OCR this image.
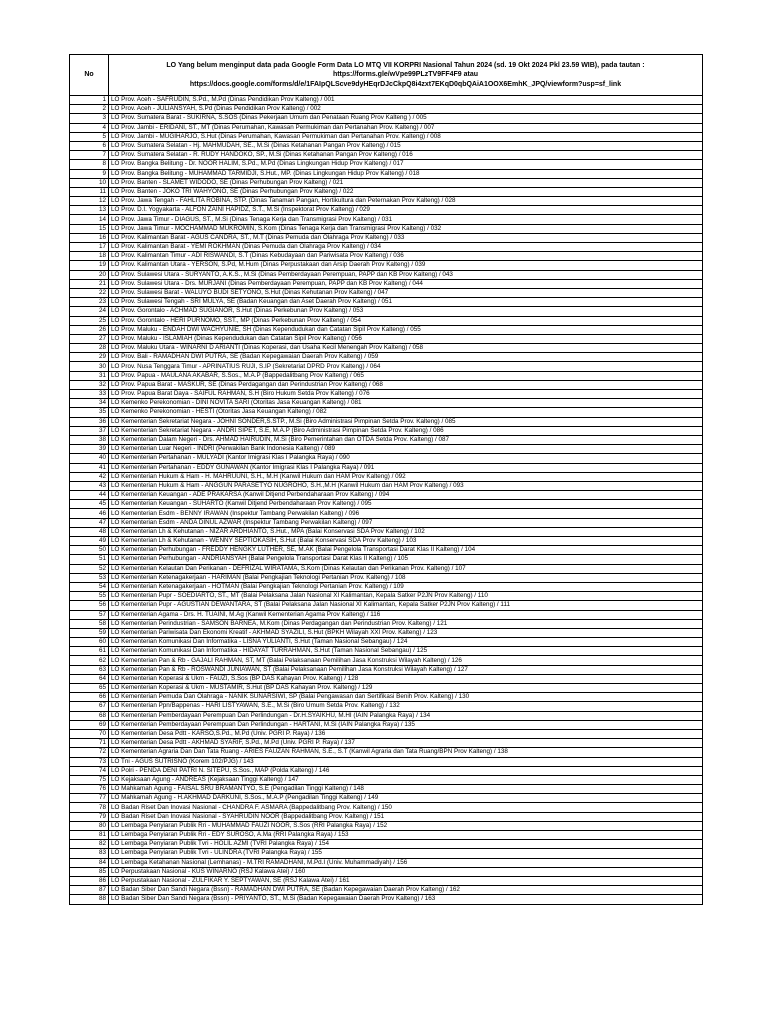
No	LO Yang belum menginput data pada Google Form Data LO MTQ VII KORPRI Nasional Tahun 2024 (sd. 19 Okt 2024 Pkl 23.59 WIB), pada tautan :
https://forms.gle/wVpe99PLzTV9FF4F9 atau
https://docs.google.com/forms/d/e/1FAIpQLScve9dyHEqrDJcCkpQ8i4zxt7EKqD0qbQAiA1OOX6EmhK_JPQ/viewform?usp=sf_link

1	LO Prov. Aceh - SAFRUDIN, S.Pd., M.Pd (Dinas Pendidikan Prov Kalteng) / 001
2	LO Prov. Aceh - JULIANSYAH, S.Pd (Dinas Pendidikan Prov Kalteng) / 002
3	LO Prov. Sumatera Barat - SUKIRNA, S.SOS (Dinas Pekerjaan Umum dan Penataan Ruang Prov Kalteng ) / 005
4	LO Prov. Jambi - ERIDANI, ST., MT (Dinas Perumahan, Kawasan Permukiman dan Pertanahan Prov. Kalteng) / 007
5	LO Prov. Jambi - MUGIHARJO, S.Hut (Dinas Perumahan, Kawasan Permukiman dan Pertanahan Prov. Kalteng) / 008
6	LO Prov. Sumatera Selatan - Hj. MAHMUDAH, SE., M.Si (Dinas Ketahanan Pangan Prov Kalteng) / 015
7	LO Prov. Sumatera Selatan - R. RUDY HANDOKO, SP., M.Si (Dinas Ketahanan Pangan Prov Kalteng) / 016
8	LO Prov. Bangka Belitung - Dr. NOOR HALIM, S.Pd., M.Pd (Dinas Lingkungan Hidup Prov Kalteng) / 017
9	LO Prov. Bangka Belitung - MUHAMMAD TARMIDJI, S.Hut., MP. (Dinas Lingkungan Hidup Prov Kalteng) / 018
10	LO Prov. Banten - SLAMET WIDODO, SE (Dinas Perhubungan Prov Kalteng) / 021
11	LO Prov. Banten - JOKO TRI WAHYONO, SE (Dinas Perhubungan Prov Kalteng) / 022
12	LO Prov. Jawa Tengah - FAHLITA ROBINA, STP. (Dinas Tanaman Pangan, Hortikultura dan Peternakan Prov Kalteng) / 028
13	LO Prov. D.I. Yogyakarta - ALFON ZAINI HAPIDZ, S.T., M.Si (Inspektorat Prov Kalteng) / 029
14	LO Prov. Jawa Timur - DIAGUS, ST., M.Si (Dinas Tenaga Kerja dan Transmigrasi Prov Kalteng) / 031
15	LO Prov. Jawa Timur - MOCHAMMAD MUKROMIN, S.Kom (Dinas Tenaga Kerja dan Transmigrasi Prov Kalteng) / 032
16	LO Prov. Kalimantan Barat - AGUS CANDRA, ST., M.T (Dinas Pemuda dan Olahraga Prov Kalteng) / 033
17	LO Prov. Kalimantan Barat - YEMI ROKHMAN (Dinas Pemuda dan Olahraga Prov Kalteng) / 034
18	LO Prov. Kalimantan Timur - ADI RISWANDI, S.T (Dinas Kebudayaan dan Pariwisata Prov Kalteng) / 036
19	LO Prov. Kalimantan Utara - YERSON, S.Pd, M.Hum (Dinas Perpustakaan dan Arsip Daerah Prov Kalteng) / 039
20	LO Prov. Sulawesi Utara - SURYANTO, A.K.S., M.Si (Dinas Pemberdayaan Perempuan, PAPP dan KB Prov Kalteng) / 043
21	LO Prov. Sulawesi Utara - Drs. MURJANI (Dinas Pemberdayaan Perempuan, PAPP dan KB Prov Kalteng) / 044
22	LO Prov. Sulawesi Barat - WALUYO BUDI SETYONO, S.Hut (Dinas Kehutanan Prov Kalteng) / 047
23	LO Prov. Sulawesi Tengah - SRI MULYA, SE (Badan Keuangan dan Aset Daerah Prov Kalteng) / 051
24	LO Prov. Gorontalo - ACHMAD SUGIANOR, S.Hut (Dinas Perkebunan Prov Kalteng) / 053
25	LO Prov. Gorontalo - HERI PURNOMO, SST., MP (Dinas Perkebunan Prov Kalteng) / 054
26	LO Prov. Maluku - ENDAH DWI WACHYUNIE, SH (Dinas Kependudukan dan Catatan Sipil Prov Kalteng) / 055
27	LO Prov. Maluku - ISLAMIAH (Dinas Kependudukan dan Catatan Sipil Prov Kalteng) / 056
28	LO Prov. Maluku Utara - WINARNI D ARIANTI (Dinas Koperasi, dan Usaha Kecil Menengah Prov Kalteng) / 058
29	LO Prov. Bali - RAMADHAN DWI PUTRA, SE (Badan Kepegawaian Daerah Prov Kalteng) / 059
30	LO Prov. Nusa Tenggara Timur - APRINATIUS RUJI, S.IP (Sekretariat DPRD Prov Kalteng) / 064
31	LO Prov. Papua - MAULANA AKABAR, S.Sos., M.A.P (Bappedalitbang Prov Kalteng) / 065
32	LO Prov. Papua Barat - MASKUR, SE (Dinas Perdagangan dan Perindustrian Prov Kalteng) / 068
33	LO Prov. Papua Barat Daya - SAIFUL RAHMAN, S.H (Biro Hukum Setda Prov Kalteng) / 076
34	LO Kemenko Perekonomian - DINI NOVITA SARI (Otoritas Jasa Keuangan Kalteng) / 081
35	LO Kemenko Perekonomian - HESTI (Otoritas Jasa Keuangan Kalteng) / 082
36	LO Kementerian Sekretariat Negara - JOHNI SONDER,S.STP., M.Si (Biro Administrasi Pimpinan Setda Prov. Kalteng) / 085
37	LO Kementerian Sekretariat Negara - ANDRI SIPET, S.E, M.A.P (Biro Administrasi Pimpinan Setda Prov. Kalteng) / 086
38	LO Kementerian Dalam Negeri - Drs. AHMAD HAIRUDIN, M.Si (Biro Pemerintahan dan OTDA Setda Prov. Kalteng) / 087
39	LO Kementerian Luar Negeri - INDRI (Perwakilan Bank Indonesia Kalteng) / 089
40	LO Kementerian Pertahanan - MULYADI (Kantor Imigrasi Klas I Palangka Raya) / 090
41	LO Kementerian Pertahanan - EDDY GUNAWAN (Kantor Imigrasi Klas I Palangka Raya) / 091
42	LO Kementerian Hukum & Ham - H. MAHRUUNI, S.H., M.H (Kanwil Hukum dan HAM Prov Kalteng) / 092
43	LO Kementerian Hukum & Ham - ANGGUN PARASETYO NUGROHO, S.H.,M.H (Kanwil Hukum dan HAM Prov Kalteng) / 093
44	LO Kementerian Keuangan - ADE PRAKARSA (Kanwil Ditjend Perbendaharaan Prov Kalteng) / 094
45	LO Kementerian Keuangan - SUHARTO (Kanwil Ditjend Perbendaharaan Prov Kalteng) / 095
46	LO Kementerian Esdm - BENNY IRAWAN (Inspektur Tambang Perwakilan Kalteng) / 096
47	LO Kementerian Esdm - ANDA DINUL AZWAR (Inspektur Tambang Perwakilan Kalteng) / 097
48	LO Kementerian Lh & Kehutanan - NIZAR ARDHIANTO, S.Hut., MPA (Balai Konservasi SDA Prov Kalteng) / 102
49	LO Kementerian Lh & Kehutanan - WENNY SEPTIOKASIH, S.Hut (Balai Konservasi SDA Prov Kalteng) / 103
50	LO Kementerian Perhubungan - FREDDY HENGKY LUTHER, SE, M.AK (Balai Pengelola Transportasi Darat Klas II Kalteng) / 104
51	LO Kementerian Perhubungan - ANDRIANSYAH (Balai Pengelola Transportasi Darat Klas II Kalteng) / 105
52	LO Kementerian Kelautan Dan Perikanan - DEFRIZAL WIRATAMA, S.Kom (Dinas Kelautan dan Perikanan Prov. Kalteng) / 107
53	LO Kementerian Ketenagakerjaan - HARIMAN (Balai Pengkajian Teknologi Pertanian Prov. Kalteng) / 108
54	LO Kementerian Ketenagakerjaan - HOTMAN (Balai Pengkajian Teknologi Pertanian Prov. Kalteng) / 109
55	LO Kementerian Pupr - SOEDIARTO, ST., MT (Balai Pelaksana Jalan Nasional XI Kalimantan, Kepala Satker P2JN Prov Kalteng) / 110
56	LO Kementerian Pupr - AGUSTIAN DEWANTARA, ST (Balai Pelaksana Jalan Nasional XI Kalimantan, Kepala Satker P2JN Prov Kalteng) / 111
57	LO Kementerian Agama - Drs. H. TUAINI, M.Ag (Kanwil Kementerian Agama Prov Kalteng) / 116
58	LO Kementerian Perindustrian - SAMSON BARNEA, M.Kom (Dinas Perdagangan dan Perindustrian Prov. Kalteng) / 121
59	LO Kementerian Pariwisata Dan Ekonomi Kreatif - AKHMAD SYAZILI, S.Hut (BPKH Wilayah XXI Prov. Kalteng) / 123
60	LO Kementerian Komunikasi Dan Informatika - LISNA YULIANTI, S.Hut (Taman Nasional Sebangau) / 124
61	LO Kementerian Komunikasi Dan Informatika - HIDAYAT TURRAHMAN, S.Hut (Taman Nasional Sebangau) / 125
62	LO Kementerian Pan & Rb - GAJALI RAHMAN, ST, MT (Balai Pelaksanaan Pemilihan Jasa Konstruksi Wilayah Kalteng) / 126
63	LO Kementerian Pan & Rb - ROSWANDI JUNIAWAN, ST (Balai Pelaksanaan Pemilihan Jasa Konstruksi Wilayah Kalteng) / 127
64	LO Kementerian Koperasi & Ukm - FAUZI, S.Sos (BP DAS Kahayan Prov. Kalteng) / 128
65	LO Kementerian Koperasi & Ukm - MUSTAMIR, S.Hut (BP DAS Kahayan Prov. Kalteng) / 129
66	LO Kementerian Pemuda Dan Olahraga - NANIK SUNARSIWI, SP (Balai Pengawasan dan Sertifikasi Benih Prov. Kalteng) / 130
67	LO Kementerian Ppn/Bappenas - HARI LISTYAWAN, S.E., M.Si (Biro Umum Setda Prov. Kalteng) / 132
68	LO Kementerian Pemberdayaan Perempuan Dan Perlindungan - Dr.H.SYAIKHU, M.HI (IAIN Palangka Raya) / 134
69	LO Kementerian Pemberdayaan Perempuan Dan Perlindungan - HARTANI, M.Si (IAIN Palangka Raya) / 135
70	LO Kementerian Desa Pdtt - KARSO,S.Pd., M.Pd (Univ. PGRI P. Raya) / 136
71	LO Kementerian Desa Pdtt - AKHMAD SYARIF, S.Pd., M.Pd (Univ. PGRI P. Raya) / 137
72	LO Kementerian Agraria Dan Dan Tata Ruang - ARIES FAUZAN RAHMAN, S.E., S.T (Kanwil Agraria dan Tata Ruang/BPN Prov Kalteng) / 138
73	LO Tni - AGUS SUTRISNO (Korem 102/PJG) / 143
74	LO Polri - PENDA DENI PATRI N. SITEPU, S.Sos., MAP (Polda Kalteng) / 146
75	LO Kejaksaan Agung - ANDREAS (Kejaksaan Tinggi Kalteng) / 147
76	LO Mahkamah Agung - FAISAL SRU BRAMANTYO, S.E (Pengadilan Tinggi Kalteng) / 148
77	LO Mahkamah Agung - H.AKHMAD DARKUNI, S.Sos., M.A.P (Pengadilan Tinggi Kalteng) / 149
78	LO Badan Riset Dan Inovasi Nasional - CHANDRA F. ASMARA (Bappedalitbang Prov. Kalteng) / 150
79	LO Badan Riset Dan Inovasi Nasional - SYAHRUDIN NOOR (Bappedalitbang Prov. Kalteng) / 151
80	LO Lembaga Penyiaran Publik Rri - MUHAMMAD FAUZI NOOR, S.Sos (RRI Palangka Raya) / 152
81	LO Lembaga Penyiaran Publik Rri - EDY SUROSO, A.Ma (RRI Palangka Raya) / 153
82	LO Lembaga Penyiaran Publik Tvri - HOLIL AZMI (TVRI Palangka Raya) / 154
83	LO Lembaga Penyiaran Publik Tvri - ULINDRA (TVRI Palangka Raya) / 155
84	LO Lembaga Ketahanan Nasional (Lemhanas) - M.TRI RAMADHANI, M.Pd.I (Univ. Muhammadiyah) / 156
85	LO Perpustakaan Nasional - KUS WINARNO (RSJ Kalawa Atei) / 160
86	LO Perpustakaan Nasional - ZULFIKAR Y. SEPTYAWAN, SE (RSJ Kalawa Atei) / 161
87	LO Badan Siber Dan Sandi Negara (Bssn) - RAMADHAN DWI PUTRA, SE (Badan Kepegawaian Daerah Prov Kalteng) / 162
88	LO Badan Siber Dan Sandi Negara (Bssn) - PRIYANTO, ST., M.Si (Badan Kepegawaian Daerah Prov Kalteng) / 163
